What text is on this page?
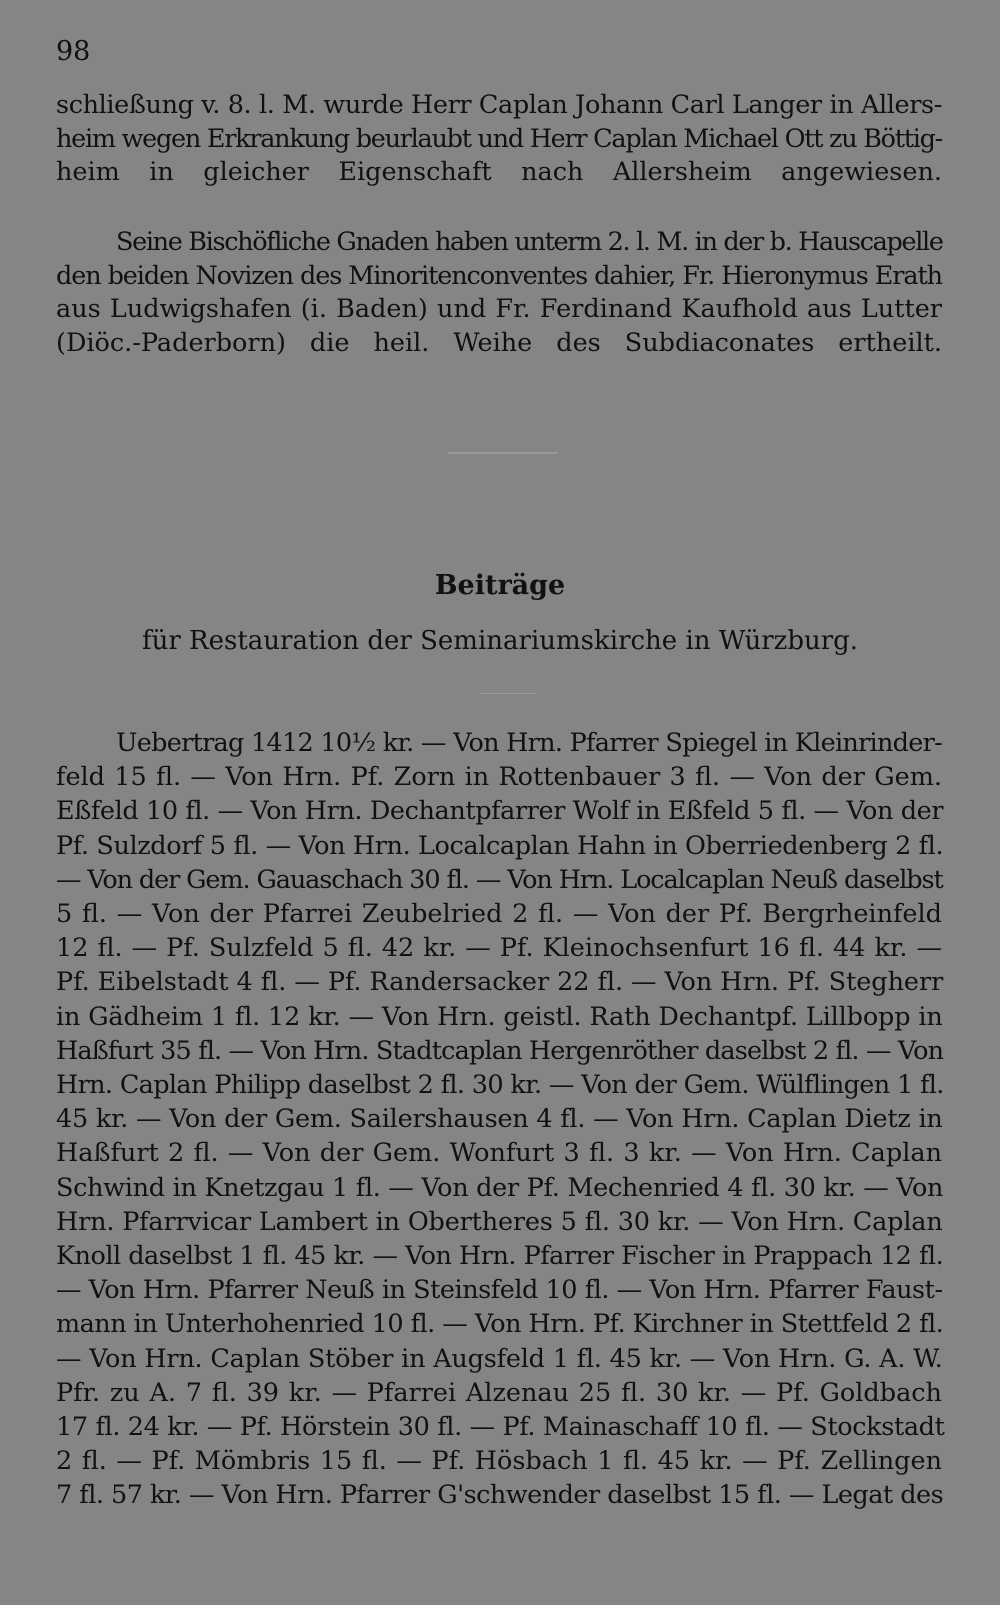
98
schließung v. 8. l. M. wurde Herr Caplan Johann Carl Langer in Allers-
heim wegen Erkrankung beurlaubt und Herr Caplan Michael Ott zu Böttig-
heim in gleicher Eigenschaft nach Allersheim angewiesen.
Seine Bischöfliche Gnaden haben unterm 2. l. M. in der b. Hauscapelle
den beiden Novizen des Minoritenconventes dahier, Fr. Hieronymus Erath
aus Ludwigshafen (i. Baden) und Fr. Ferdinand Kaufhold aus Lutter
(Diöc.-Paderborn) die heil. Weihe des Subdiaconates ertheilt.
Beiträge
für Restauration der Seminariumskirche in Würzburg.
Uebertrag 1412 10½ kr. — Von Hrn. Pfarrer Spiegel in Kleinrinder-
feld 15 fl. — Von Hrn. Pf. Zorn in Rottenbauer 3 fl. — Von der Gem.
Eßfeld 10 fl. — Von Hrn. Dechantpfarrer Wolf in Eßfeld 5 fl. — Von der
Pf. Sulzdorf 5 fl. — Von Hrn. Localcaplan Hahn in Oberriedenberg 2 fl.
— Von der Gem. Gauaschach 30 fl. — Von Hrn. Localcaplan Neuß daselbst
5 fl. — Von der Pfarrei Zeubelried 2 fl. — Von der Pf. Bergrheinfeld
12 fl. — Pf. Sulzfeld 5 fl. 42 kr. — Pf. Kleinochsenfurt 16 fl. 44 kr. —
Pf. Eibelstadt 4 fl. — Pf. Randersacker 22 fl. — Von Hrn. Pf. Stegherr
in Gädheim 1 fl. 12 kr. — Von Hrn. geistl. Rath Dechantpf. Lillbopp in
Haßfurt 35 fl. — Von Hrn. Stadtcaplan Hergenröther daselbst 2 fl. — Von
Hrn. Caplan Philipp daselbst 2 fl. 30 kr. — Von der Gem. Wülflingen 1 fl.
45 kr. — Von der Gem. Sailershausen 4 fl. — Von Hrn. Caplan Dietz in
Haßfurt 2 fl. — Von der Gem. Wonfurt 3 fl. 3 kr. — Von Hrn. Caplan
Schwind in Knetzgau 1 fl. — Von der Pf. Mechenried 4 fl. 30 kr. — Von
Hrn. Pfarrvicar Lambert in Obertheres 5 fl. 30 kr. — Von Hrn. Caplan
Knoll daselbst 1 fl. 45 kr. — Von Hrn. Pfarrer Fischer in Prappach 12 fl.
— Von Hrn. Pfarrer Neuß in Steinsfeld 10 fl. — Von Hrn. Pfarrer Faust-
mann in Unterhohenried 10 fl. — Von Hrn. Pf. Kirchner in Stettfeld 2 fl.
— Von Hrn. Caplan Stöber in Augsfeld 1 fl. 45 kr. — Von Hrn. G. A. W.
Pfr. zu A. 7 fl. 39 kr. — Pfarrei Alzenau 25 fl. 30 kr. — Pf. Goldbach
17 fl. 24 kr. — Pf. Hörstein 30 fl. — Pf. Mainaschaff 10 fl. — Stockstadt
2 fl. — Pf. Mömbris 15 fl. — Pf. Hösbach 1 fl. 45 kr. — Pf. Zellingen
7 fl. 57 kr. — Von Hrn. Pfarrer G'schwender daselbst 15 fl. — Legat des
